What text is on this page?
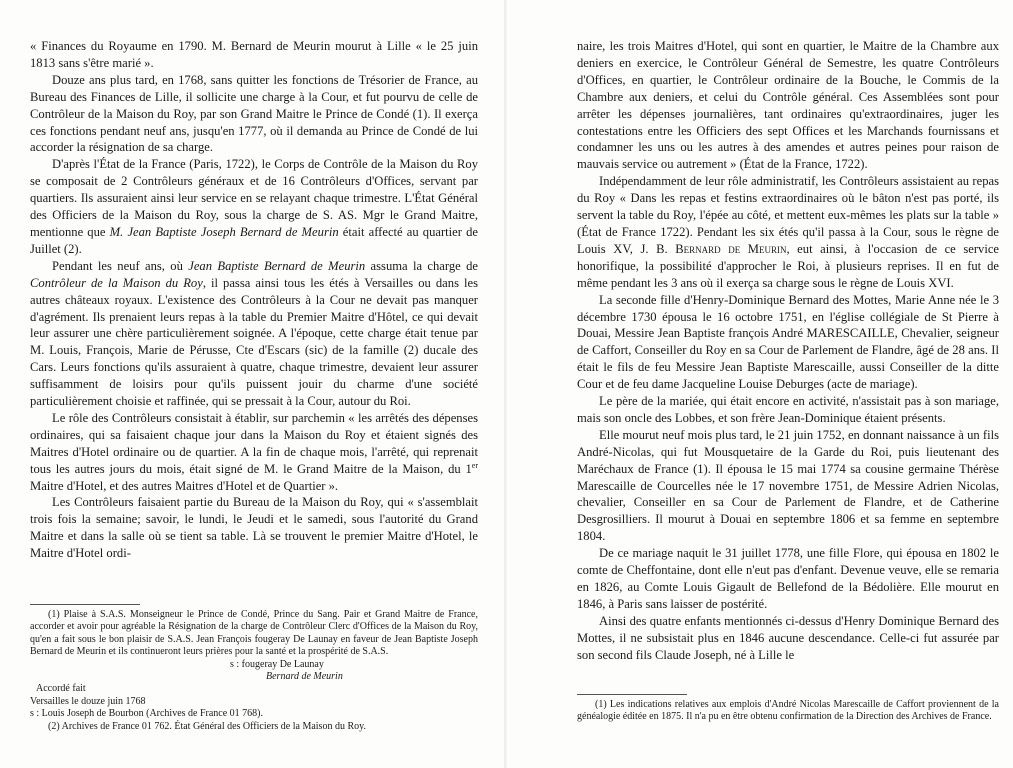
« Finances du Royaume en 1790. M. Bernard de Meurin mourut à Lille « le 25 juin 1813 sans s'être marié ».

Douze ans plus tard, en 1768, sans quitter les fonctions de Trésorier de France, au Bureau des Finances de Lille, il sollicite une charge à la Cour, et fut pourvu de celle de Contrôleur de la Maison du Roy, par son Grand Maitre le Prince de Condé (1). Il exerça ces fonctions pendant neuf ans, jusqu'en 1777, où il demanda au Prince de Condé de lui accorder la résignation de sa charge.

D'après l'État de la France (Paris, 1722), le Corps de Contrôle de la Maison du Roy se composait de 2 Contrôleurs généraux et de 16 Contrôleurs d'Offices, servant par quartiers. Ils assuraient ainsi leur service en se relayant chaque trimestre. L'État Général des Officiers de la Maison du Roy, sous la charge de S. AS. Mgr le Grand Maitre, mentionne que M. Jean Baptiste Joseph Bernard de Meurin était affecté au quartier de Juillet (2).

Pendant les neuf ans, où Jean Baptiste Bernard de Meurin assuma la charge de Contrôleur de la Maison du Roy, il passa ainsi tous les étés à Versailles ou dans les autres châteaux royaux. L'existence des Contrôleurs à la Cour ne devait pas manquer d'agrément. Ils prenaient leurs repas à la table du Premier Maitre d'Hôtel, ce qui devait leur assurer une chère particulièrement soignée. A l'époque, cette charge était tenue par M. Louis, François, Marie de Pérusse, Cte d'Escars (sic) de la famille (2) ducale des Cars. Leurs fonctions qu'ils assuraient à quatre, chaque trimestre, devaient leur assurer suffisamment de loisirs pour qu'ils puissent jouir du charme d'une société particulièrement choisie et raffinée, qui se pressait à la Cour, autour du Roi.

Le rôle des Contrôleurs consistait à établir, sur parchemin « les arrêtés des dépenses ordinaires, qui sa faisaient chaque jour dans la Maison du Roy et étaient signés des Maitres d'Hotel ordinaire ou de quartier. A la fin de chaque mois, l'arrêté, qui reprenait tous les autres jours du mois, était signé de M. le Grand Maitre de la Maison, du 1er Maitre d'Hotel, et des autres Maitres d'Hotel et de Quartier ».

Les Contrôleurs faisaient partie du Bureau de la Maison du Roy, qui « s'assemblait trois fois la semaine; savoir, le lundi, le Jeudi et le samedi, sous l'autorité du Grand Maitre et dans la salle où se tient sa table. Là se trouvent le premier Maitre d'Hotel, le Maitre d'Hotel ordi-

(1) Plaise à S.A.S. Monseigneur le Prince de Condé, Prince du Sang. Pair et Grand Maitre de France, accorder et avoir pour agréable la Résignation de la charge de Contrôleur Clerc d'Offices de la Maison du Roy, qu'en a fait sous le bon plaisir de S.A.S. Jean François fougeray De Launay en faveur de Jean Baptiste Joseph Bernard de Meurin et ils continueront leurs prières pour la santé et la prospérité de S.A.S.

s : fougeray De Launay

Bernard de Meurin

Accordé fait

Versailles le douze juin 1768

s : Louis Joseph de Bourbon (Archives de France 01 768).

(2) Archives de France 01 762. État Général des Officiers de la Maison du Roy.

naire, les trois Maitres d'Hotel, qui sont en quartier, le Maitre de la Chambre aux deniers en exercice, le Contrôleur Général de Semestre, les quatre Contrôleurs d'Offices, en quartier, le Contrôleur ordinaire de la Bouche, le Commis de la Chambre aux deniers, et celui du Contrôle général. Ces Assemblées sont pour arrêter les dépenses journalières, tant ordinaires qu'extraordinaires, juger les contestations entre les Officiers des sept Offices et les Marchands fournissans et condamner les uns ou les autres à des amendes et autres peines pour raison de mauvais service ou autrement » (État de la France, 1722).

Indépendamment de leur rôle administratif, les Contrôleurs assistaient au repas du Roy « Dans les repas et festins extraordinaires où le bâton n'est pas porté, ils servent la table du Roy, l'épée au côté, et mettent eux-mêmes les plats sur la table » (État de France 1722). Pendant les six étés qu'il passa à la Cour, sous le règne de Louis XV, J. B. Bernard de Meurin, eut ainsi, à l'occasion de ce service honorifique, la possibilité d'approcher le Roi, à plusieurs reprises. Il en fut de même pendant les 3 ans où il exerça sa charge sous le règne de Louis XVI.

La seconde fille d'Henry-Dominique Bernard des Mottes, Marie Anne née le 3 décembre 1730 épousa le 16 octobre 1751, en l'église collégiale de St Pierre à Douai, Messire Jean Baptiste françois André MARESCAILLE, Chevalier, seigneur de Caffort, Conseiller du Roy en sa Cour de Parlement de Flandre, âgé de 28 ans. Il était le fils de feu Messire Jean Baptiste Marescaille, aussi Conseiller de la ditte Cour et de feu dame Jacqueline Louise Deburges (acte de mariage).

Le père de la mariée, qui était encore en activité, n'assistait pas à son mariage, mais son oncle des Lobbes, et son frère Jean-Dominique étaient présents.

Elle mourut neuf mois plus tard, le 21 juin 1752, en donnant naissance à un fils André-Nicolas, qui fut Mousquetaire de la Garde du Roi, puis lieutenant des Maréchaux de France (1). Il épousa le 15 mai 1774 sa cousine germaine Thérèse Marescaille de Courcelles née le 17 novembre 1751, de Messire Adrien Nicolas, chevalier, Conseiller en sa Cour de Parlement de Flandre, et de Catherine Desgrosilliers. Il mourut à Douai en septembre 1806 et sa femme en septembre 1804.

De ce mariage naquit le 31 juillet 1778, une fille Flore, qui épousa en 1802 le comte de Cheffontaine, dont elle n'eut pas d'enfant. Devenue veuve, elle se remaria en 1826, au Comte Louis Gigault de Bellefond de la Bédolière. Elle mourut en 1846, à Paris sans laisser de postérité.

Ainsi des quatre enfants mentionnés ci-dessus d'Henry Dominique Bernard des Mottes, il ne subsistait plus en 1846 aucune descendance. Celle-ci fut assurée par son second fils Claude Joseph, né à Lille le

(1) Les indications relatives aux emplois d'André Nicolas Marescaille de Caffort proviennent de la généalogie éditée en 1875. Il n'a pu en être obtenu confirmation de la Direction des Archives de France.
